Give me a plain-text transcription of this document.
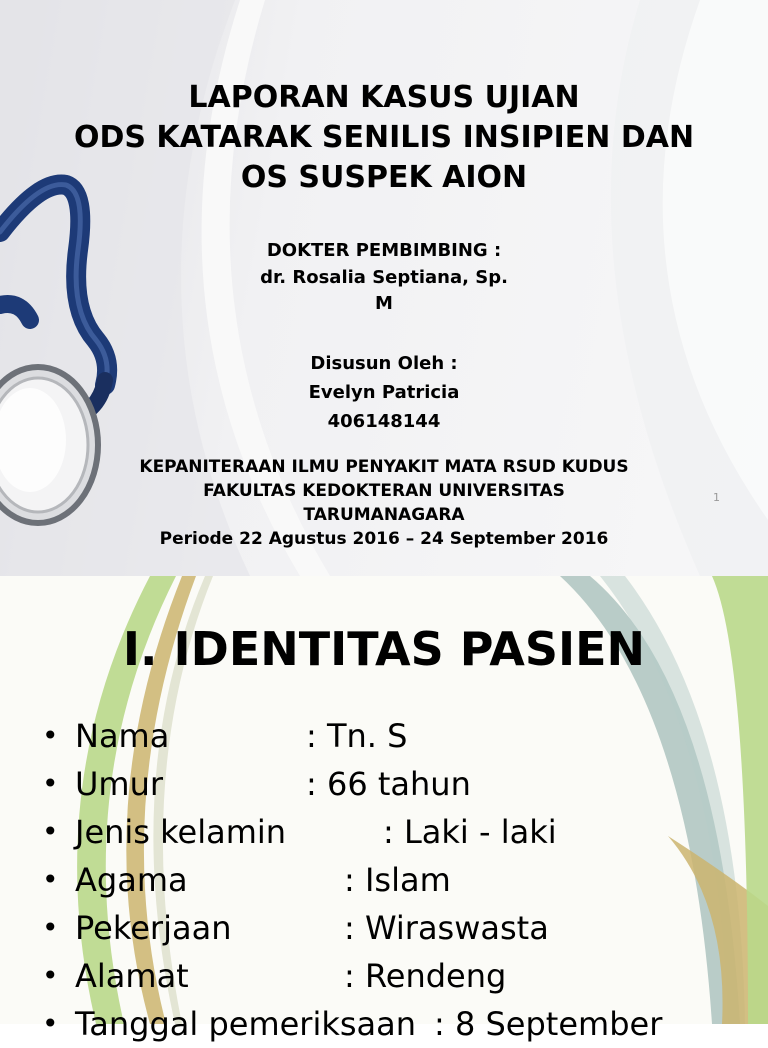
LAPORAN KASUS UJIAN
ODS KATARAK SENILIS INSIPIEN DAN
OS SUSPEK AION
DOKTER PEMBIMBING :
dr. Rosalia Septiana, Sp.
M
Disusun Oleh :
Evelyn Patricia
406148144
KEPANITERAAN ILMU PENYAKIT MATA RSUD KUDUS
FAKULTAS KEDOKTERAN UNIVERSITAS
TARUMANAGARA
Periode 22 Agustus 2016 – 24 September 2016
1
I. IDENTITAS PASIEN
• Nama	: Tn. S
• Umur	: 66 tahun
• Jenis kelamin	: Laki - laki
• Agama	: Islam
• Pekerjaan	: Wiraswasta
• Alamat	: Rendeng
• Tanggal pemeriksaan : 8 September
